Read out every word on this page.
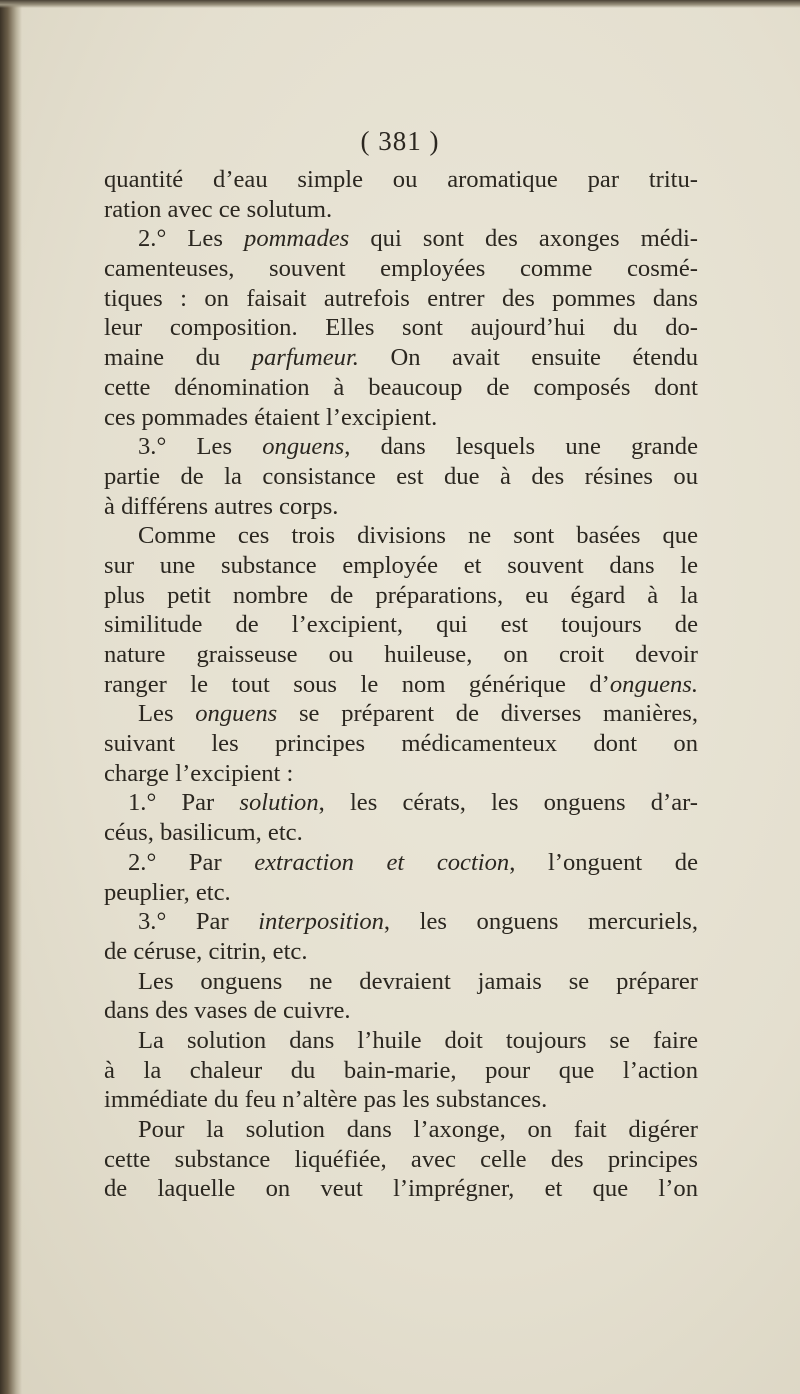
( 381 )
quantité d’eau simple ou aromatique par tritu-
ration avec ce solutum.
2.° Les pommades qui sont des axonges médi-
camenteuses, souvent employées comme cosmé-
tiques : on faisait autrefois entrer des pommes dans
leur composition. Elles sont aujourd’hui du do-
maine du parfumeur. On avait ensuite étendu
cette dénomination à beaucoup de composés dont
ces pommades étaient l’excipient.
3.° Les onguens, dans lesquels une grande
partie de la consistance est due à des résines ou
à différens autres corps.
Comme ces trois divisions ne sont basées que
sur une substance employée et souvent dans le
plus petit nombre de préparations, eu égard à la
similitude de l’excipient, qui est toujours de
nature graisseuse ou huileuse, on croit devoir
ranger le tout sous le nom générique d’onguens.
Les onguens se préparent de diverses manières,
suivant les principes médicamenteux dont on
charge l’excipient :
1.° Par solution, les cérats, les onguens d’ar-
céus, basilicum, etc.
2.° Par extraction et coction, l’onguent de
peuplier, etc.
3.° Par interposition, les onguens mercuriels,
de céruse, citrin, etc.
Les onguens ne devraient jamais se préparer
dans des vases de cuivre.
La solution dans l’huile doit toujours se faire
à la chaleur du bain-marie, pour que l’action
immédiate du feu n’altère pas les substances.
Pour la solution dans l’axonge, on fait digérer
cette substance liquéfiée, avec celle des principes
de laquelle on veut l’imprégner, et que l’on
